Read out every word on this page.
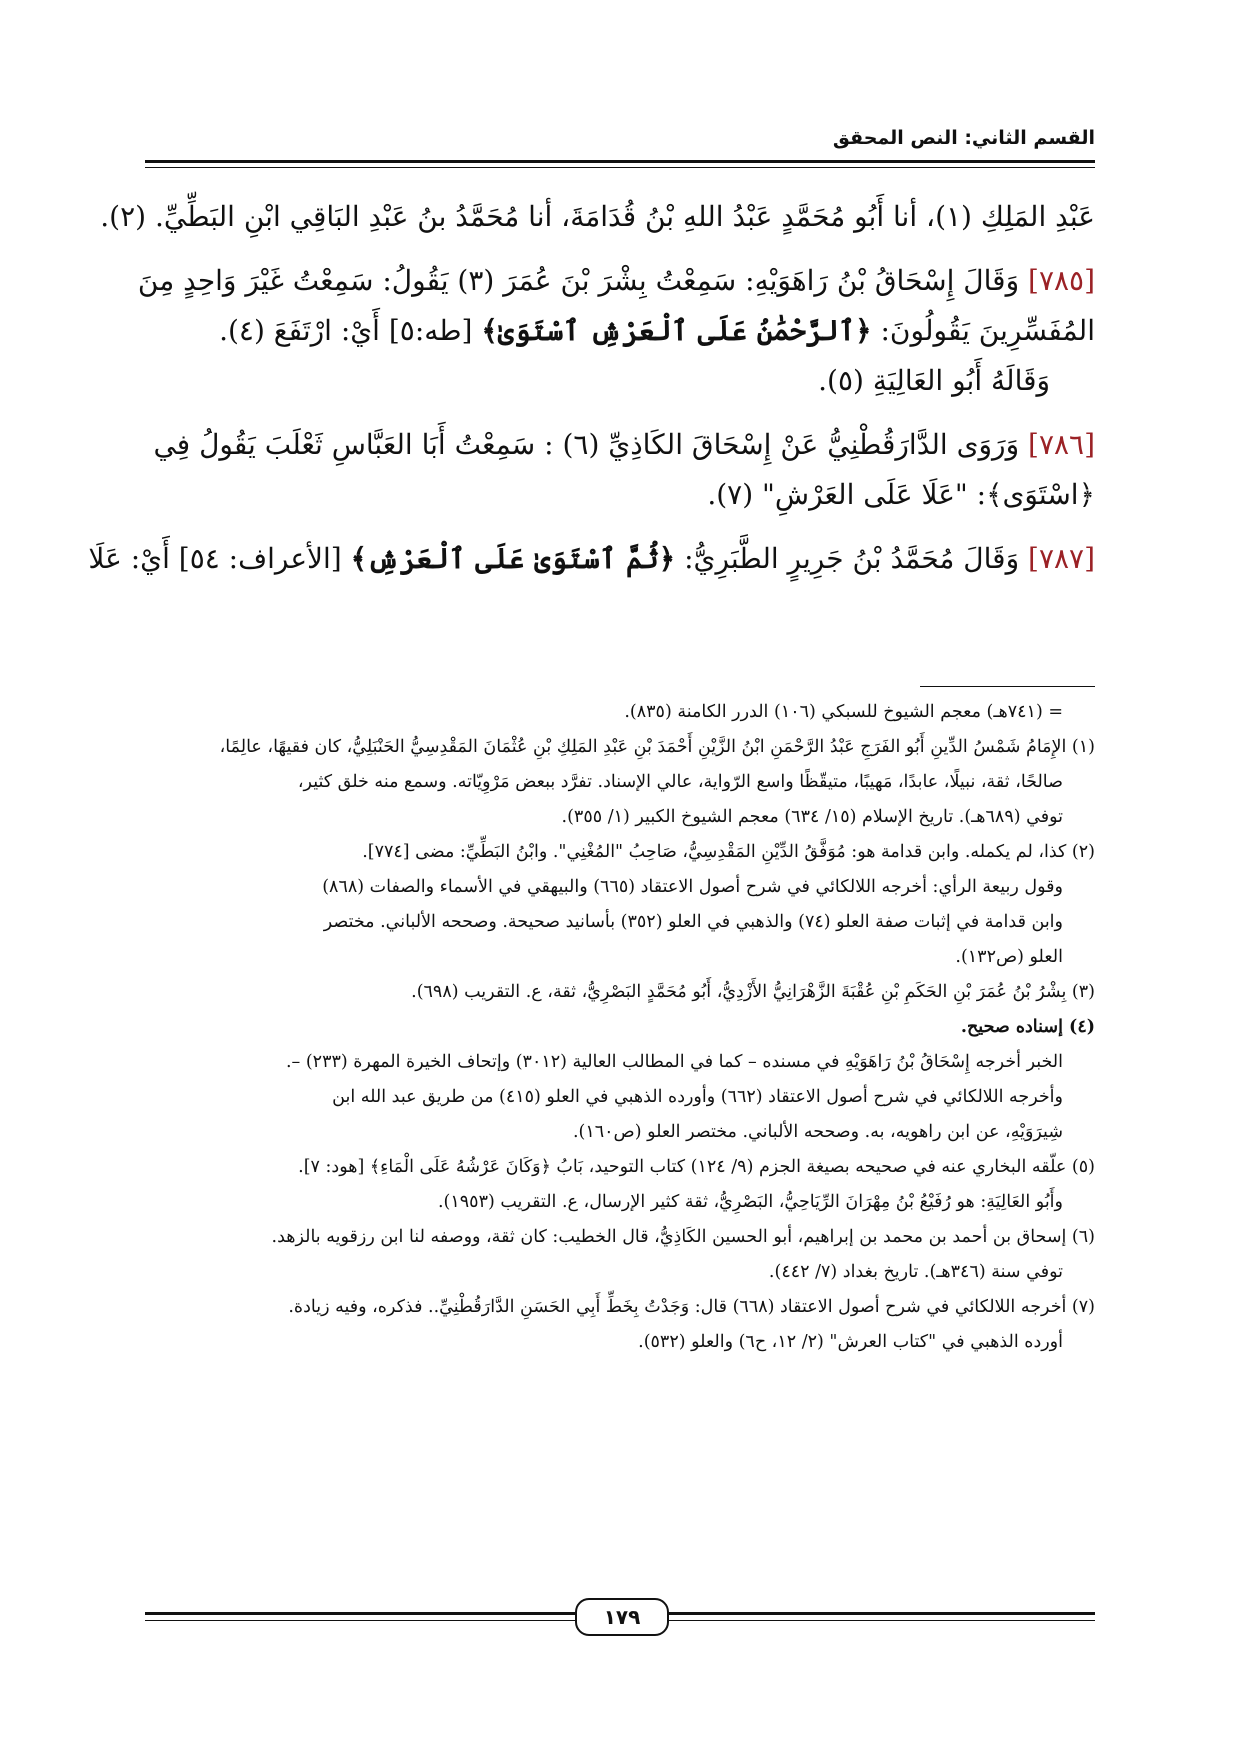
القسم الثاني: النص المحقق
عَبْدِ المَلِكِ (١)، أنا أَبُو مُحَمَّدٍ عَبْدُ اللهِ بْنُ قُدَامَةَ، أنا مُحَمَّدُ بنُ عَبْدِ البَاقِي ابْنِ البَطِّيِّ. (٢).
[٧٨٥] وَقَالَ إِسْحَاقُ بْنُ رَاهَوَيْهِ: سَمِعْتُ بِشْرَ بْنَ عُمَرَ (٣) يَقُولُ: سَمِعْتُ غَيْرَ وَاحِدٍ مِنَ
المُفَسِّرِينَ يَقُولُونَ: ﴿ٱلرَّحْمَٰنُ عَلَى ٱلْعَرْشِ ٱسْتَوَىٰ﴾ [طه:٥] أَيْ: ارْتَفَعَ (٤).
وَقَالَهُ أَبُو العَالِيَةِ (٥).
[٧٨٦] وَرَوَى الدَّارَقُطْنِيُّ عَنْ إِسْحَاقَ الكَاذِيِّ (٦) : سَمِعْتُ أَبَا العَبَّاسِ ثَعْلَبَ يَقُولُ فِي
﴿اسْتَوَى﴾: "عَلَا عَلَى العَرْشِ" (٧).
[٧٨٧] وَقَالَ مُحَمَّدُ بْنُ جَرِيرٍ الطَّبَرِيُّ: ﴿ثُمَّ ٱسْتَوَىٰ عَلَى ٱلْعَرْشِ﴾ [الأعراف: ٥٤] أَيْ: عَلَا
= (٧٤١هـ) معجم الشيوخ للسبكي (١٠٦) الدرر الكامنة (٨٣٥).
(١) الإِمَامُ شَمْسُ الدِّينِ أَبُو الفَرَجِ عَبْدُ الرَّحْمَنِ ابْنُ الزَّيْنِ أَحْمَدَ بْنِ عَبْدِ المَلِكِ بْنِ عُثْمَانَ المَقْدِسِيُّ الحَنْبَلِيُّ، كان فقيهًا، عالِمًا،
صالحًا، ثقة، نبيلًا، عابدًا، مَهيبًا، متيقّظًا واسع الرّواية، عالي الإسناد. تفرَّد ببعض مَرْوِيّاته. وسمع منه خلق كثير،
توفي (٦٨٩هـ). تاريخ الإسلام (١٥/ ٦٣٤) معجم الشيوخ الكبير (١/ ٣٥٥).
(٢) كذا، لم يكمله. وابن قدامة هو: مُوَفَّقُ الدِّيْنِ المَقْدِسِيُّ، صَاحِبُ "المُغْنِي". وابْنُ البَطِّيِّ: مضى [٧٧٤].
وقول ربيعة الرأي: أخرجه اللالكائي في شرح أصول الاعتقاد (٦٦٥) والبيهقي في الأسماء والصفات (٨٦٨)
وابن قدامة في إثبات صفة العلو (٧٤) والذهبي في العلو (٣٥٢) بأسانيد صحيحة. وصححه الألباني. مختصر
العلو (ص١٣٢).
(٣) بِشْرُ بْنُ عُمَرَ بْنِ الحَكَمِ بْنِ عُقْبَةَ الزَّهْرَانِيُّ الأَزْدِيُّ، أَبُو مُحَمَّدٍ البَصْرِيُّ، ثقة، ع. التقريب (٦٩٨).
(٤) إسناده صحيح.
الخبر أخرجه إِسْحَاقُ بْنُ رَاهَوَيْهِ في مسنده – كما في المطالب العالية (٣٠١٢) وإتحاف الخيرة المهرة (٢٣٣) –.
وأخرجه اللالكائي في شرح أصول الاعتقاد (٦٦٢) وأورده الذهبي في العلو (٤١٥) من طريق عبد الله ابن
شِيرَوَيْهِ، عن ابن راهويه، به. وصححه الألباني. مختصر العلو (ص١٦٠).
(٥) علّقه البخاري عنه في صحيحه بصيغة الجزم (٩/ ١٢٤) كتاب التوحيد، بَابُ ﴿وَكَانَ عَرْشُهُ عَلَى الْمَاءِ﴾ [هود: ٧].
وأَبُو العَالِيَةِ: هو رُفَيْعُ بْنُ مِهْرَانَ الرِّيَاحِيُّ، البَصْرِيُّ، ثقة كثير الإرسال، ع. التقريب (١٩٥٣).
(٦) إسحاق بن أحمد بن محمد بن إبراهيم، أبو الحسين الكَاذِيُّ، قال الخطيب: كان ثقة، ووصفه لنا ابن رزقويه بالزهد.
توفي سنة (٣٤٦هـ). تاريخ بغداد (٧/ ٤٤٢).
(٧) أخرجه اللالكائي في شرح أصول الاعتقاد (٦٦٨) قال: وَجَدْتُ بِخَطِّ أَبِي الحَسَنِ الدَّارَقُطْنِيِّ.. فذكره، وفيه زيادة.
أورده الذهبي في "كتاب العرش" (٢/ ١٢، ح٦) والعلو (٥٣٢).
١٧٩
